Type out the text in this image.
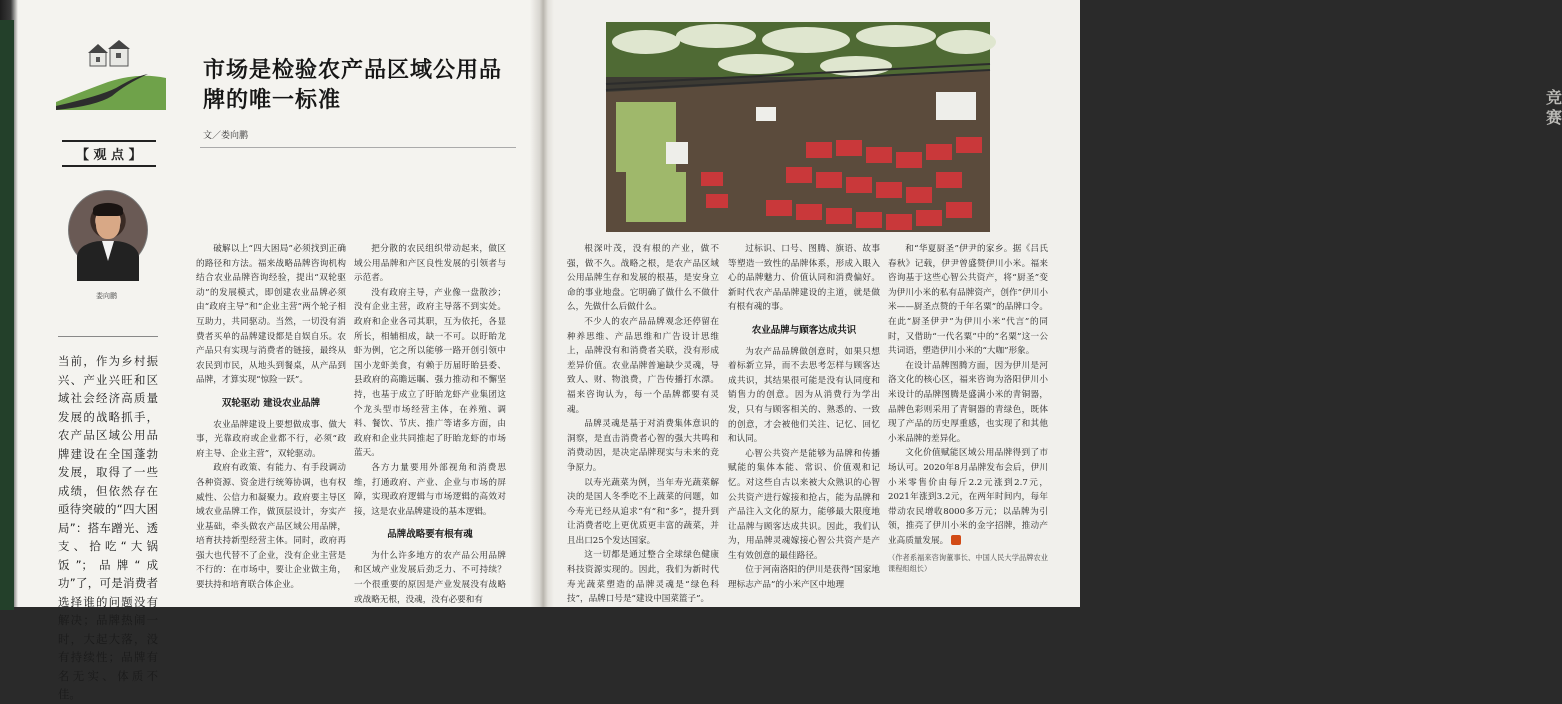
市场是检验农产品区域公用品牌的唯一标准
文／娄向鹏
【 观 点 】
娄向鹏
当前，作为乡村振兴、产业兴旺和区域社会经济高质量发展的战略抓手，农产品区域公用品牌建设在全国蓬勃发展，取得了一些成绩，但依然存在亟待突破的“四大困局”：搭车蹭光、透支、拾吃“大锅饭”；品牌“成功”了，可是消费者选择谁的问题没有解决；品牌热闹一时，大起大落，没有持续性；品牌有名无实、体质不佳。

破解以上“四大困局”必须找到正确的路径和方法。福来战略品牌咨询机构结合农业品牌咨询经验，提出“双轮驱动”的发展模式，即创建农业品牌必须由“政府主导”和“企业主营”两个轮子相互助力，共同驱动。当然，一切没有消费者买单的品牌建设都是自娱自乐。农产品只有实现与消费者的链接，最终从农民到市民，从地头到餐桌，从产品到品牌，才算实现“惊险一跃”。

双轮驱动 建设农业品牌

农业品牌建设上要想做成事、做大事，光靠政府或企业都不行，必须“政府主导、企业主营”，双轮驱动。

政府有政策、有能力、有手段调动各种资源、资金进行统筹协调，也有权威性、公信力和凝聚力。政府要主导区域农业品牌工作，做顶层设计，夯实产业基础，牵头做农产品区域公用品牌，培育扶持新型经营主体。同时，政府再强大也代替不了企业，没有企业主营是不行的：在市场中，要让企业做主角，要扶持和培育联合体企业。

把分散的农民组织带动起来，做区域公用品牌和产区良性发展的引领者与示范者。

没有政府主导，产业像一盘散沙；没有企业主营，政府主导落不到实处。政府和企业各司其职，互为依托，各显所长，相辅相成，缺一不可。以盱眙龙虾为例，它之所以能够一路开创引领中国小龙虾美食，有赖于历届盱眙县委、县政府的高瞻远瞩、强力推动和不懈坚持，也基于成立了盱眙龙虾产业集团这个龙头型市场经营主体，在养殖、调料、餐饮、节庆、推广等诸多方面，由政府和企业共同推起了盱眙龙虾的市场蓝天。

各方力量要用外部视角和消费思维，打通政府、产业、企业与市场的屏障，实现政府逻辑与市场逻辑的高效对接，这是农业品牌建设的基本逻辑。

品牌战略要有根有魂

为什么许多地方的农产品公用品牌和区域产业发展后劲乏力、不可持续？一个很重要的原因是产业发展没有战略或战略无根，没魂，没有必要和有

竞赛

根深叶茂，没有根的产业，做不强，做不久。战略之根，是农产品区域公用品牌生存和发展的根基，是安身立命的事业地盘。它明确了做什么不做什么，先做什么后做什么。

不少人的农产品品牌观念还停留在种养思维、产品思维和广告设计思维上，品牌没有和消费者关联，没有形成差异价值。农业品牌普遍缺少灵魂，导致人、财、物浪费，广告传播打水漂。福来咨询认为，每一个品牌都要有灵魂。

品牌灵魂是基于对消费集体意识的洞察，是直击消费者心智的强大共鸣和消费动因，是决定品牌现实与未来的竞争原力。

以寿光蔬菜为例，当年寿光蔬菜解决的是国人冬季吃不上蔬菜的问题，如今寿光已经从追求“有”和“多”，提升到让消费者吃上更优质更丰富的蔬菜，并且出口25个发达国家。

这一切都是通过整合全球绿色健康科技资源实现的。因此，我们为新时代寿光蔬菜塑造的品牌灵魂是“绿色科技”，品牌口号是“建设中国菜篮子”。

过标识、口号、图腾、旗语、故事等塑造一致性的品牌体系，形成入眼入心的品牌魅力、价值认同和消费偏好。新时代农产品品牌建设的主道，就是做有根有魂的事。

农业品牌与顾客达成共识

为农产品品牌做创意时，如果只想着标新立异，而不去思考怎样与顾客达成共识，其结果很可能是没有认同度和销售力的创意。因为从消费行为学出发，只有与顾客相关的、熟悉的、一致的创意，才会被他们关注、记忆、回忆和认同。

心智公共资产是能够为品牌和传播赋能的集体本能、常识、价值观和记忆。对这些自古以来被大众熟识的心智公共资产进行嫁接和抢占，能为品牌和产品注入文化的原力，能够最大限度地让品牌与顾客达成共识。因此，我们认为，用品牌灵魂嫁接心智公共资产是产生有效创意的最佳路径。

位于河南洛阳的伊川是获得“国家地理标志产品”的小米产区中地理

和“华夏厨圣”伊尹的家乡。据《吕氏春秋》记载，伊尹曾盛赞伊川小米。福来咨询基于这些心智公共资产，将“厨圣”变为伊川小米的私有品牌资产，创作“伊川小米——厨圣点赞的千年名粟”的品牌口令。在此“厨圣伊尹”为伊川小米“代言”的同时，又借助“一代名粟”中的“名粟”这一公共词语，塑造伊川小米的“大咖”形象。

在设计品牌图腾方面，因为伊川是河洛文化的核心区，福来咨询为洛阳伊川小米设计的品牌图腾是盛满小米的青铜器，品牌色彩则采用了青铜器的青绿色，既体现了产品的历史厚重感，也实现了和其他小米品牌的差异化。

文化价值赋能区域公用品牌得到了市场认可。2020年8月品牌发布会后，伊川小米零售价由每斤2.2元涨到2.7元，2021年涨到3.2元，在两年时间内，每年带动农民增收8000多万元；以品牌为引领，推亮了伊川小米的金字招牌，推动产业高质量发展。

（作者系福来咨询董事长、中国人民大学品牌农业课程组组长）
